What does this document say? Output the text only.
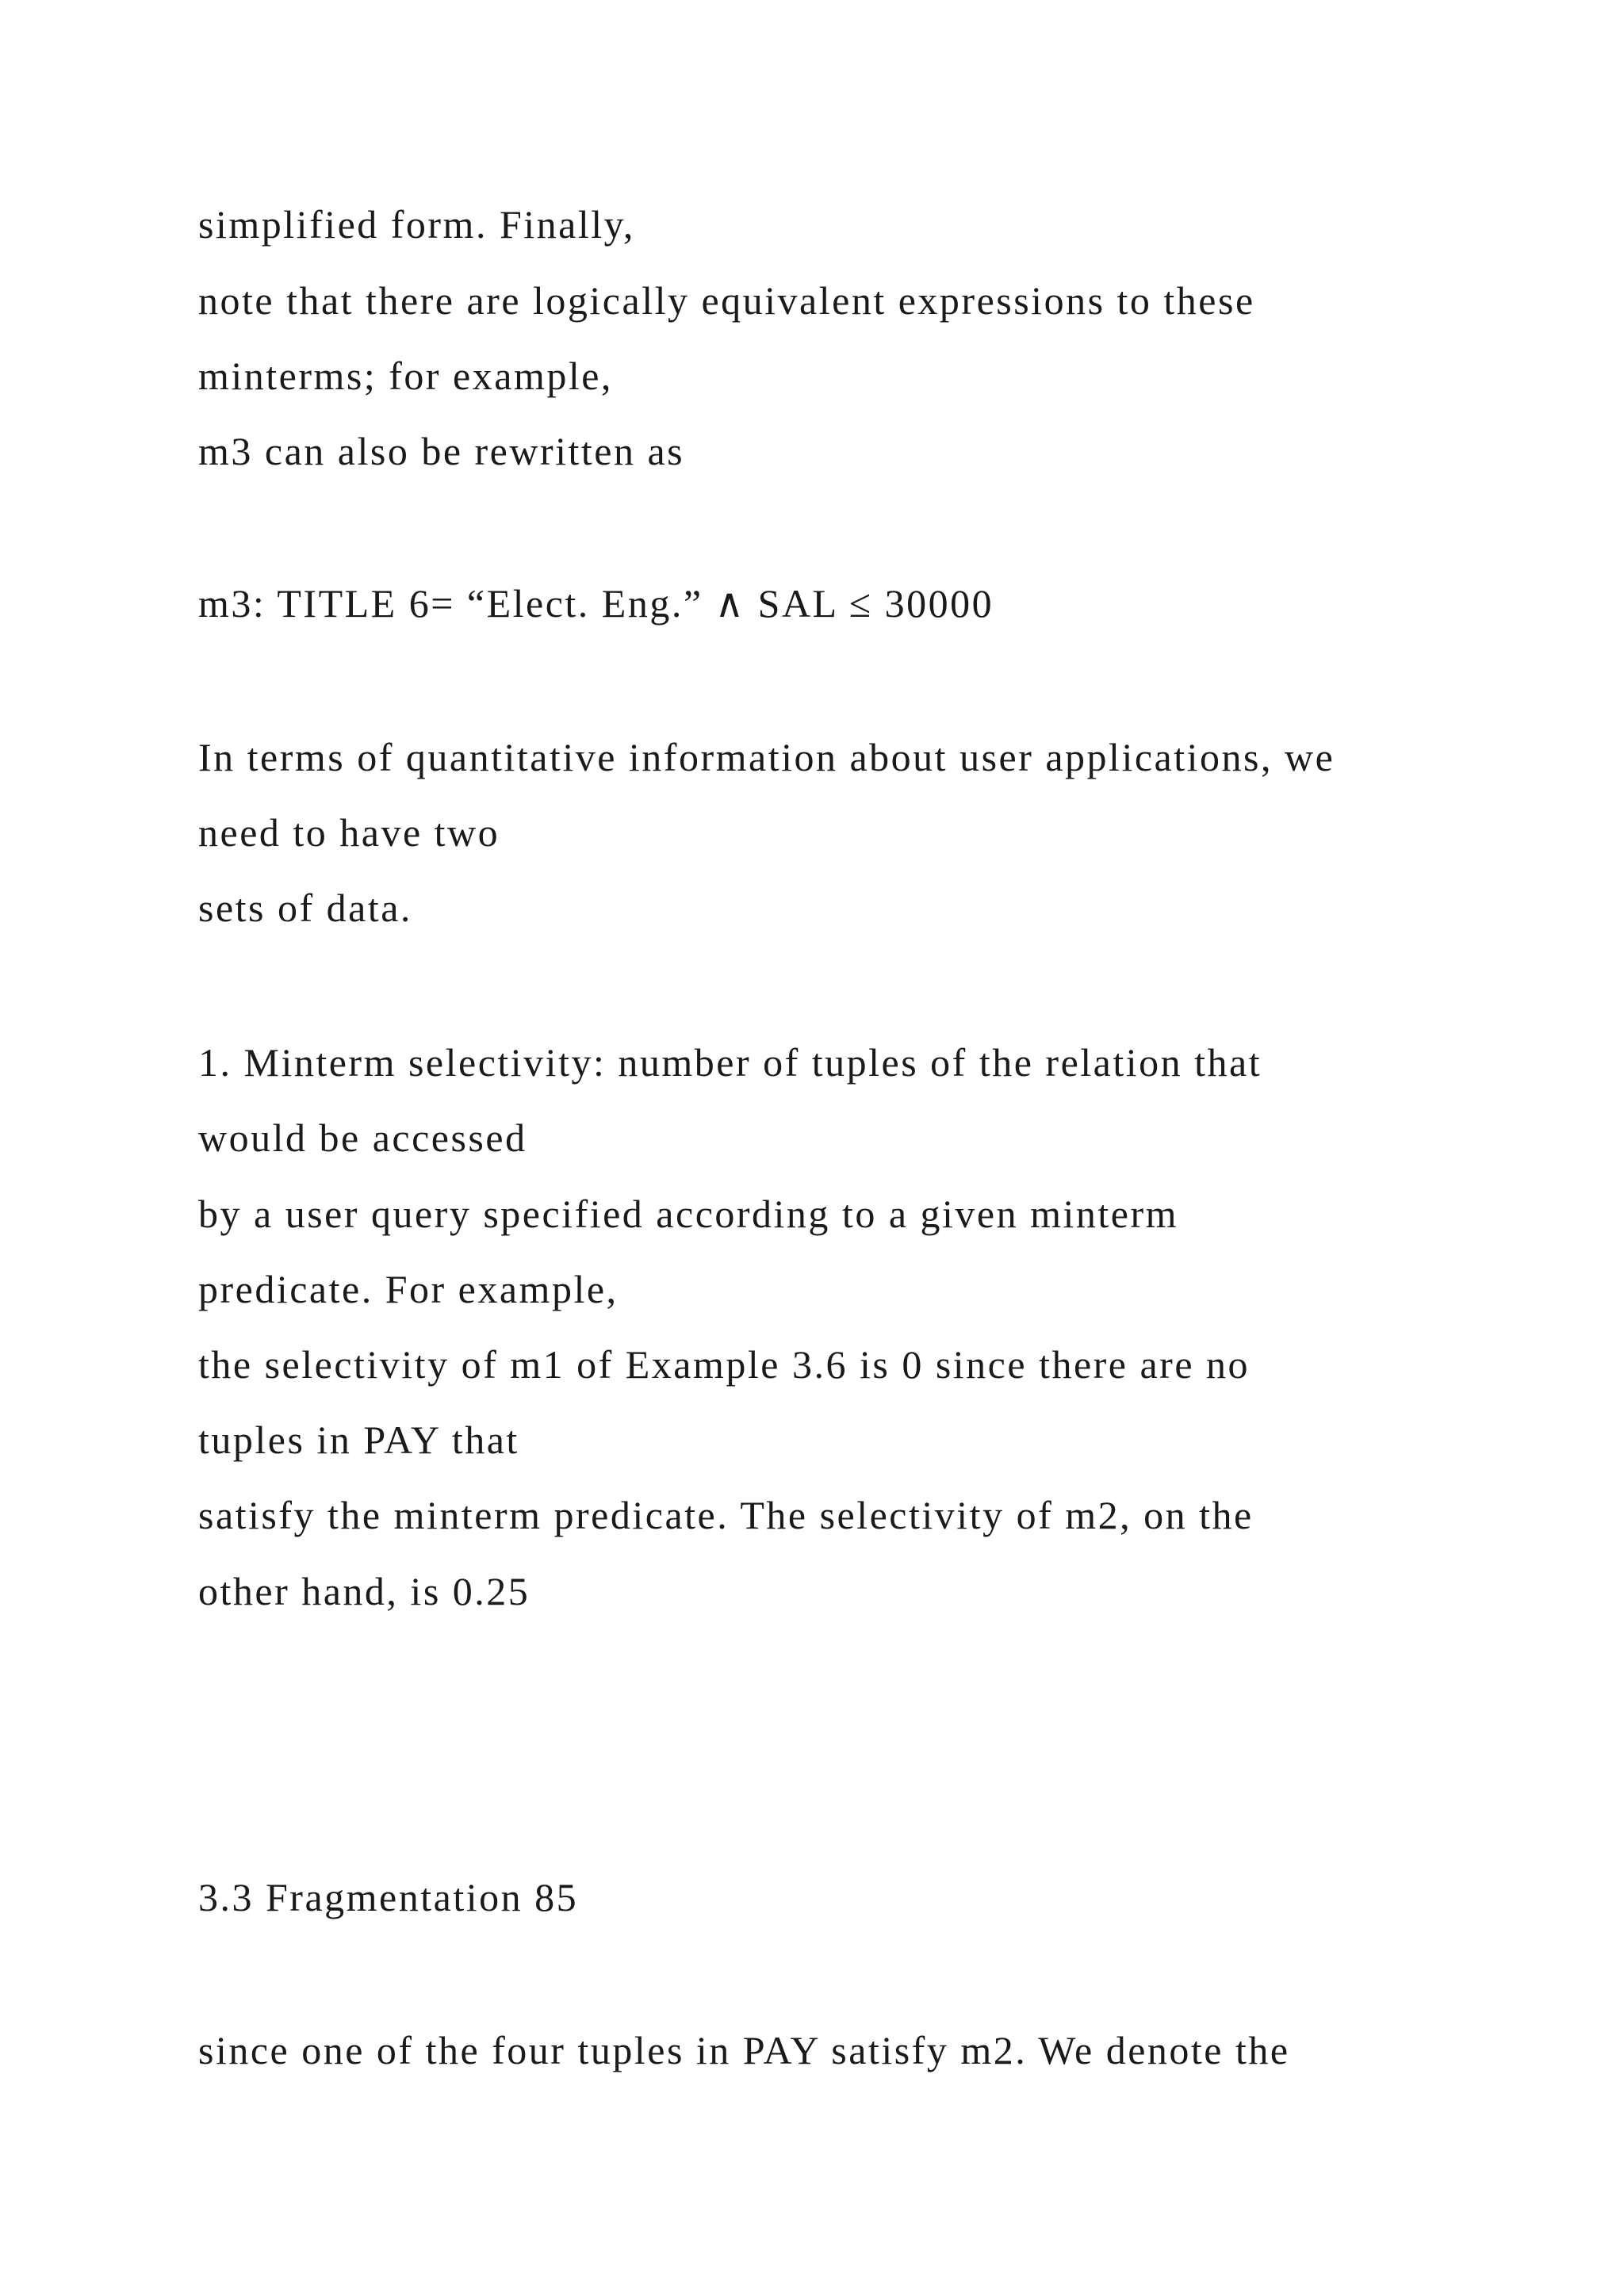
simplified form. Finally,

note that there are logically equivalent expressions to these

minterms; for example,

m3 can also be rewritten as

m3: TITLE 6= “Elect. Eng.” ∧ SAL ≤ 30000

In terms of quantitative information about user applications, we

need to have two

sets of data.

1. Minterm selectivity: number of tuples of the relation that

would be accessed

by a user query specified according to a given minterm

predicate. For example,

the selectivity of m1 of Example 3.6 is 0 since there are no

tuples in PAY that

satisfy the minterm predicate. The selectivity of m2, on the

other hand, is 0.25

3.3 Fragmentation 85

since one of the four tuples in PAY satisfy m2. We denote the
